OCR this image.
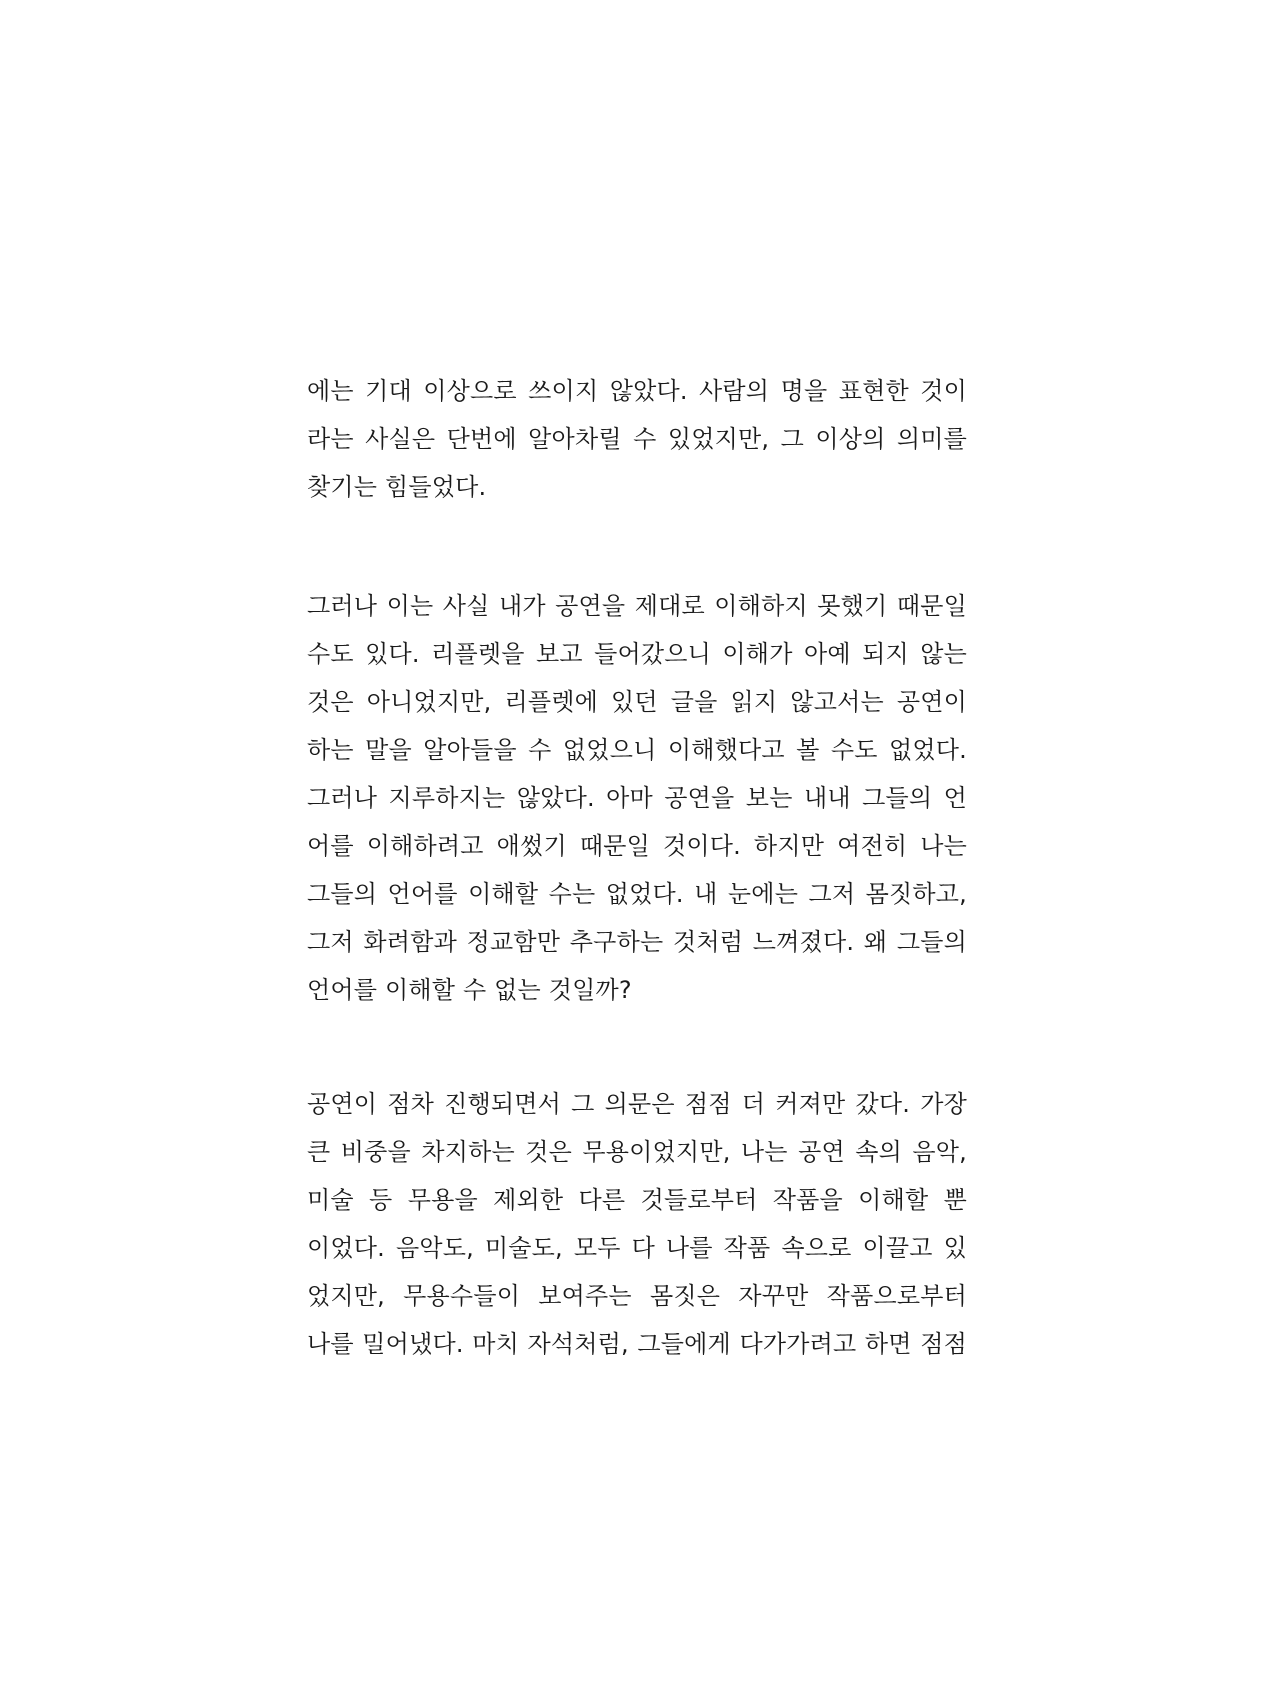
에는 기대 이상으로 쓰이지 않았다. 사람의 명을 표현한 것이
라는 사실은 단번에 알아차릴 수 있었지만, 그 이상의 의미를
찾기는 힘들었다.
그러나 이는 사실 내가 공연을 제대로 이해하지 못했기 때문일
수도 있다. 리플렛을 보고 들어갔으니 이해가 아예 되지 않는
것은 아니었지만, 리플렛에 있던 글을 읽지 않고서는 공연이
하는 말을 알아들을 수 없었으니 이해했다고 볼 수도 없었다.
그러나 지루하지는 않았다. 아마 공연을 보는 내내 그들의 언
어를 이해하려고 애썼기 때문일 것이다. 하지만 여전히 나는
그들의 언어를 이해할 수는 없었다. 내 눈에는 그저 몸짓하고,
그저 화려함과 정교함만 추구하는 것처럼 느껴졌다. 왜 그들의
언어를 이해할 수 없는 것일까?
공연이 점차 진행되면서 그 의문은 점점 더 커져만 갔다. 가장
큰 비중을 차지하는 것은 무용이었지만, 나는 공연 속의 음악,
미술 등 무용을 제외한 다른 것들로부터 작품을 이해할 뿐
이었다. 음악도, 미술도, 모두 다 나를 작품 속으로 이끌고 있
었지만, 무용수들이 보여주는 몸짓은 자꾸만 작품으로부터
나를 밀어냈다. 마치 자석처럼, 그들에게 다가가려고 하면 점점
